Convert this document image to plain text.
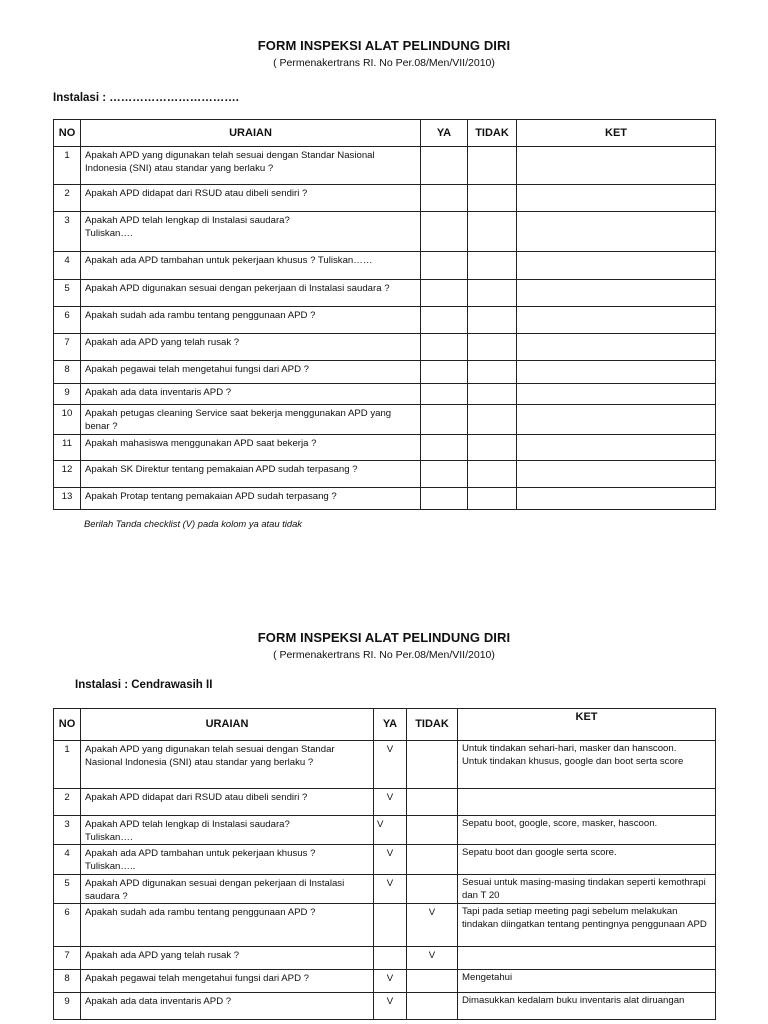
FORM INSPEKSI ALAT PELINDUNG DIRI
( Permenakertrans RI. No Per.08/Men/VII/2010)
Instalasi : …………………………….
NO	URAIAN	YA	TIDAK	KET
1	Apakah APD yang digunakan telah sesuai dengan Standar Nasional Indonesia (SNI) atau standar yang berlaku ?			
2	Apakah APD didapat dari RSUD atau dibeli sendiri ?			
3	Apakah APD telah lengkap di Instalasi saudara?
Tuliskan….			

4	Apakah ada APD tambahan untuk pekerjaan khusus ? Tuliskan……			
5	Apakah APD digunakan sesuai dengan pekerjaan di Instalasi saudara ?			
6	Apakah sudah ada rambu tentang penggunaan APD ?			
7	Apakah ada APD yang telah rusak ?			
8	Apakah pegawai telah mengetahui fungsi dari APD ?			
9	Apakah ada data inventaris APD ?			
10	Apakah petugas cleaning Service saat bekerja menggunakan APD yang benar ?			
11	Apakah mahasiswa menggunakan APD saat bekerja ?			
12	Apakah SK Direktur tentang pemakaian APD sudah terpasang ?			
13	Apakah Protap tentang pemakaian APD sudah terpasang ?			
Berilah Tanda checklist (V) pada kolom ya atau tidak
FORM INSPEKSI ALAT PELINDUNG DIRI
( Permenakertrans RI. No Per.08/Men/VII/2010)
Instalasi : Cendrawasih II
NO	URAIAN	YA	TIDAK	KET
1	Apakah APD yang digunakan telah sesuai dengan Standar Nasional Indonesia (SNI) atau standar yang berlaku ?	V		Untuk tindakan sehari-hari, masker dan hanscoon.
Untuk tindakan khusus, google dan boot serta score

2	Apakah APD didapat dari RSUD atau dibeli sendiri ?	V		
3	Apakah APD telah lengkap di Instalasi saudara?
Tuliskan….	V		Sepatu boot, google, score, masker, hascoon.
4	Apakah ada APD tambahan untuk pekerjaan khusus ?
Tuliskan…..	V		Sepatu boot dan google serta score.
5	Apakah APD digunakan sesuai dengan pekerjaan di Instalasi saudara ?	V		Sesuai untuk masing-masing tindakan seperti kemothrapi dan T 20
6	Apakah sudah ada rambu tentang penggunaan APD ?		V	Tapi pada setiap meeting pagi sebelum melakukan tindakan diingatkan tentang pentingnya penggunaan APD
7	Apakah ada APD yang telah rusak ?		V	
8	Apakah pegawai telah mengetahui fungsi dari APD ?	V		Mengetahui
9	Apakah ada data inventaris APD ?	V		Dimasukkan kedalam buku inventaris alat diruangan
